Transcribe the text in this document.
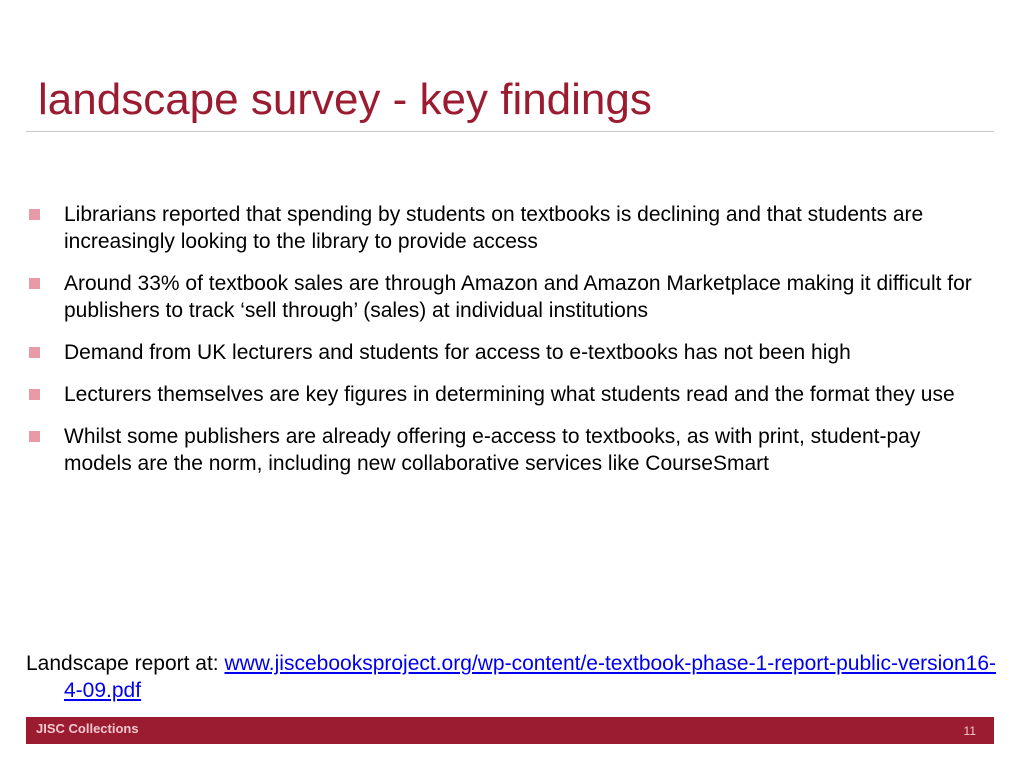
landscape survey - key findings
Librarians reported that spending by students on textbooks is declining and that students are increasingly looking to the library to provide access
Around 33% of textbook sales are through Amazon and Amazon Marketplace making it difficult for publishers to track ‘sell through’ (sales) at individual institutions
Demand from UK lecturers and students for access to e-textbooks has not been high
Lecturers themselves are key figures in determining what students read and the format they use
Whilst some publishers are already offering e-access to textbooks, as with print, student-pay models are the norm, including new collaborative services like CourseSmart
Landscape report at: www.jiscebooksproject.org/wp-content/e-textbook-phase-1-report-public-version16-4-09.pdf
JISC Collections	11
